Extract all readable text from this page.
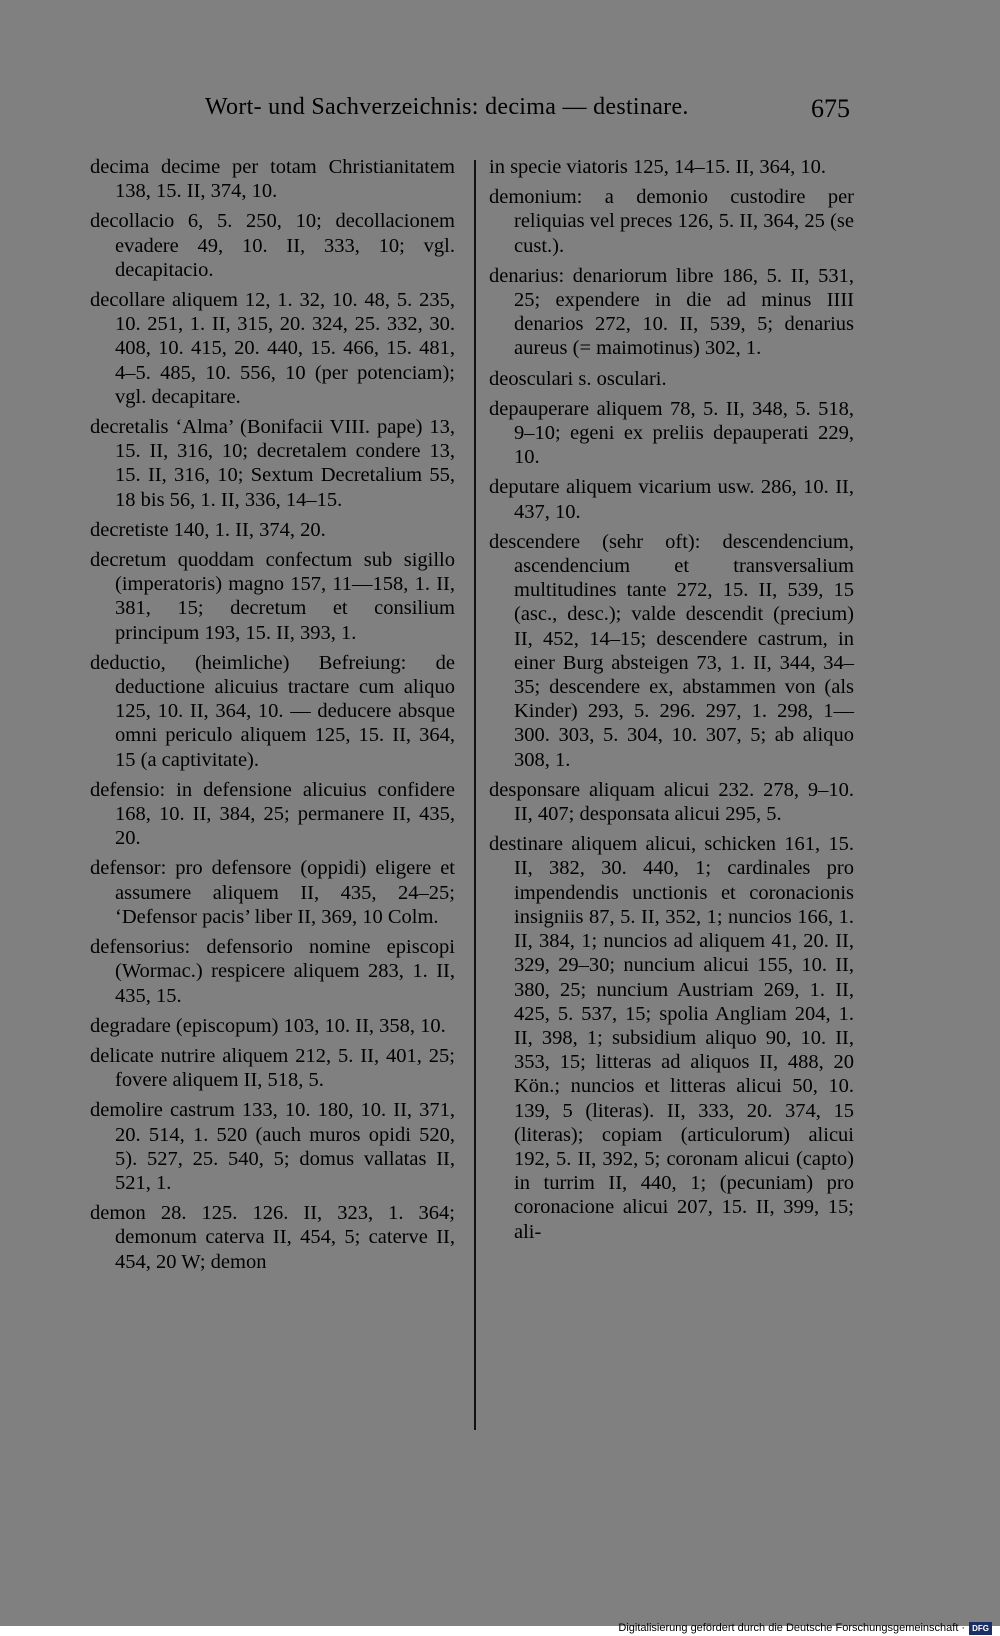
Wort- und Sachverzeichnis: decima — destinare.	675

decima decime per totam Christianitatem 138, 15. II, 374, 10.

decollacio 6, 5. 250, 10; decollacionem evadere 49, 10. II, 333, 10; vgl. decapitacio.

decollare aliquem 12, 1. 32, 10. 48, 5. 235, 10. 251, 1. II, 315, 20. 324, 25. 332, 30. 408, 10. 415, 20. 440, 15. 466, 15. 481, 4–5. 485, 10. 556, 10 (per potenciam); vgl. decapitare.

decretalis ‘Alma’ (Bonifacii VIII. pape) 13, 15. II, 316, 10; decretalem condere 13, 15. II, 316, 10; Sextum Decretalium 55, 18 bis 56, 1. II, 336, 14–15.

decretiste 140, 1. II, 374, 20.

decretum quoddam confectum sub sigillo (imperatoris) magno 157, 11—158, 1. II, 381, 15; decretum et consilium principum 193, 15. II, 393, 1.

deductio, (heimliche) Befreiung: de deductione alicuius tractare cum aliquo 125, 10. II, 364, 10. — deducere absque omni periculo aliquem 125, 15. II, 364, 15 (a captivitate).

defensio: in defensione alicuius confidere 168, 10. II, 384, 25; permanere II, 435, 20.

defensor: pro defensore (oppidi) eligere et assumere aliquem II, 435, 24–25; ‘Defensor pacis’ liber II, 369, 10 Colm.

defensorius: defensorio nomine episcopi (Wormac.) respicere aliquem 283, 1. II, 435, 15.

degradare (episcopum) 103, 10. II, 358, 10.

delicate nutrire aliquem 212, 5. II, 401, 25; fovere aliquem II, 518, 5.

demolire castrum 133, 10. 180, 10. II, 371, 20. 514, 1. 520 (auch muros opidi 520, 5). 527, 25. 540, 5; domus vallatas II, 521, 1.

demon 28. 125. 126. II, 323, 1. 364; demonum caterva II, 454, 5; caterve II, 454, 20 W; demon

in specie viatoris 125, 14–15. II, 364, 10.

demonium: a demonio custodire per reliquias vel preces 126, 5. II, 364, 25 (se cust.).

denarius: denariorum libre 186, 5. II, 531, 25; expendere in die ad minus IIII denarios 272, 10. II, 539, 5; denarius aureus (= maimotinus) 302, 1.

deosculari s. osculari.

depauperare aliquem 78, 5. II, 348, 5. 518, 9–10; egeni ex preliis depauperati 229, 10.

deputare aliquem vicarium usw. 286, 10. II, 437, 10.

descendere (sehr oft): descendencium, ascendencium et transversalium multitudines tante 272, 15. II, 539, 15 (asc., desc.); valde descendit (precium) II, 452, 14–15; descendere castrum, in einer Burg absteigen 73, 1. II, 344, 34–35; descendere ex, abstammen von (als Kinder) 293, 5. 296. 297, 1. 298, 1—300. 303, 5. 304, 10. 307, 5; ab aliquo 308, 1.

desponsare aliquam alicui 232. 278, 9–10. II, 407; desponsata alicui 295, 5.

destinare aliquem alicui, schicken 161, 15. II, 382, 30. 440, 1; cardinales pro impendendis unctionis et coronacionis insigniis 87, 5. II, 352, 1; nuncios 166, 1. II, 384, 1; nuncios ad aliquem 41, 20. II, 329, 29–30; nuncium alicui 155, 10. II, 380, 25; nuncium Austriam 269, 1. II, 425, 5. 537, 15; spolia Angliam 204, 1. II, 398, 1; subsidium aliquo 90, 10. II, 353, 15; litteras ad aliquos II, 488, 20 Kön.; nuncios et litteras alicui 50, 10. 139, 5 (literas). II, 333, 20. 374, 15 (literas); copiam (articulorum) alicui 192, 5. II, 392, 5; coronam alicui (capto) in turrim II, 440, 1; (pecuniam) pro coronacione alicui 207, 15. II, 399, 15; ali-

Digitalisierung gefördert durch die Deutsche Forschungsgemeinschaft · DFG
